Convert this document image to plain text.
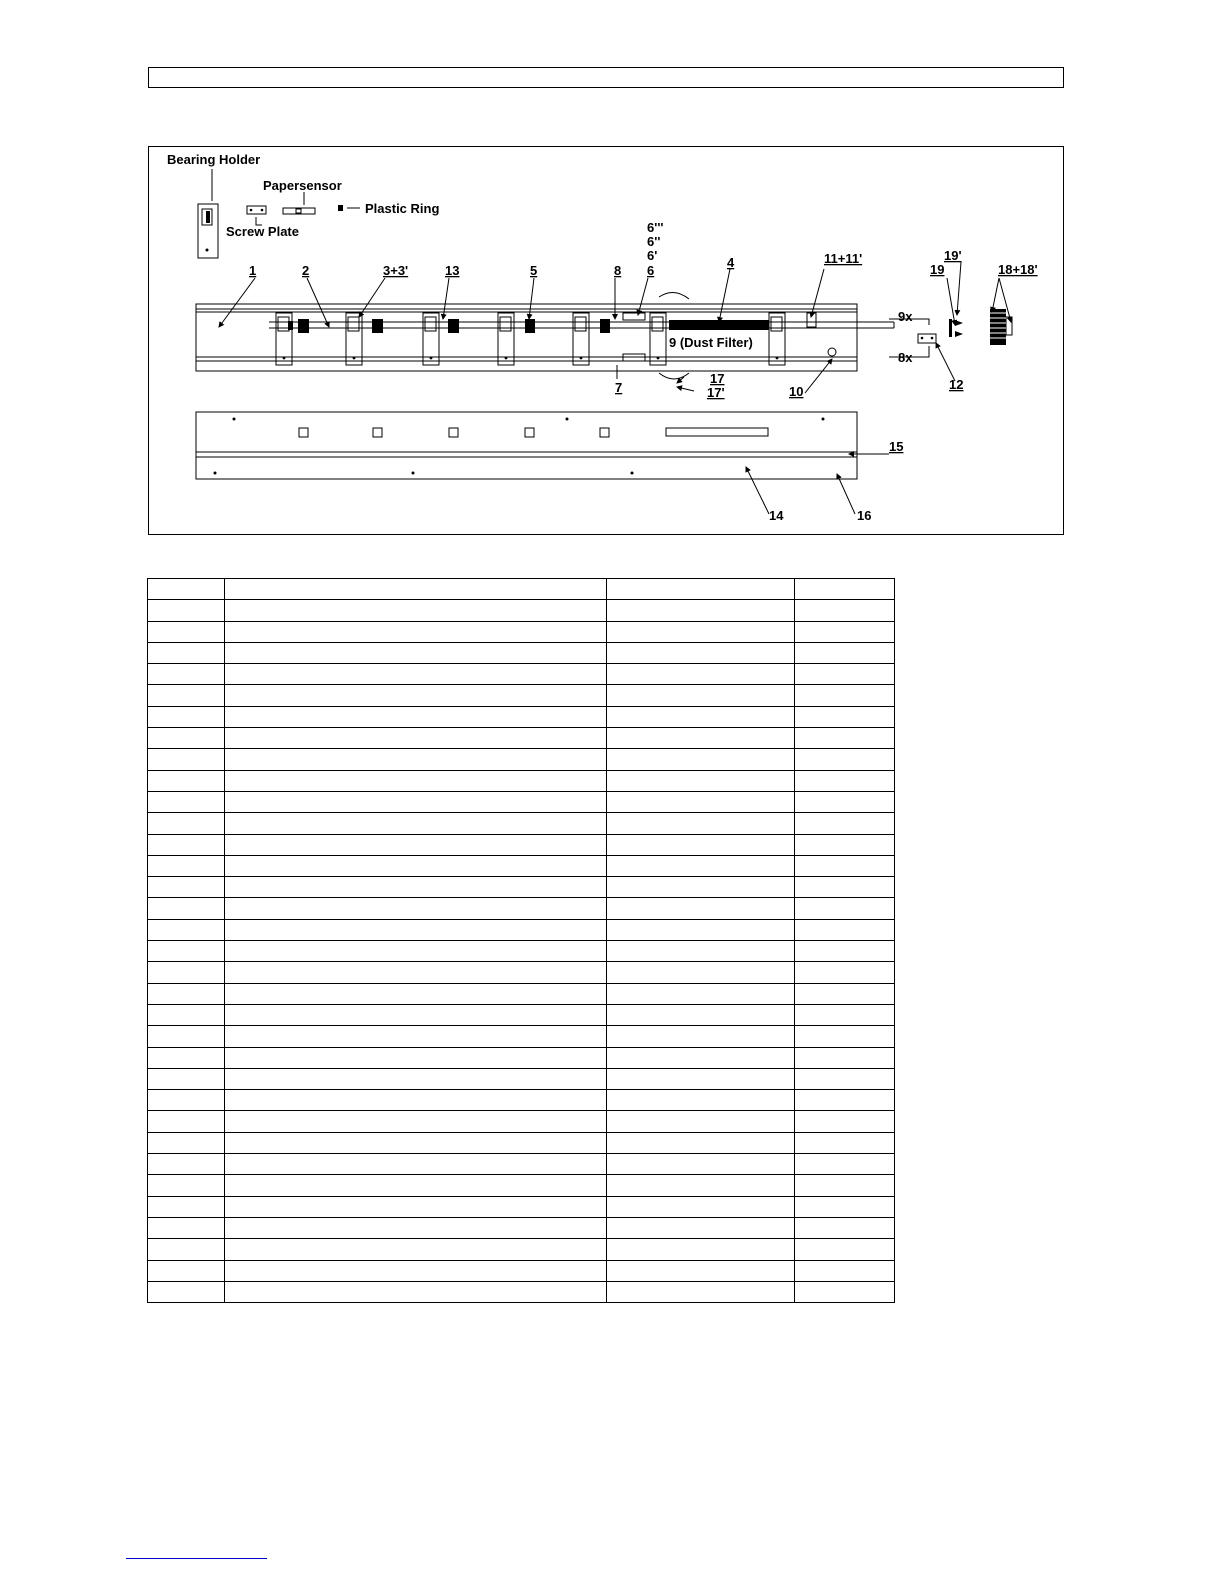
Bearing Holder
Screw Plate
Papersensor
Plastic Ring
1	2	3+3'	13	5	8 6
6'
6''
6'''
4	11+11'
19
19'
18+18'
9x
8x
9 (Dust Filter)
7
17
17'	10	12
15
14	16
